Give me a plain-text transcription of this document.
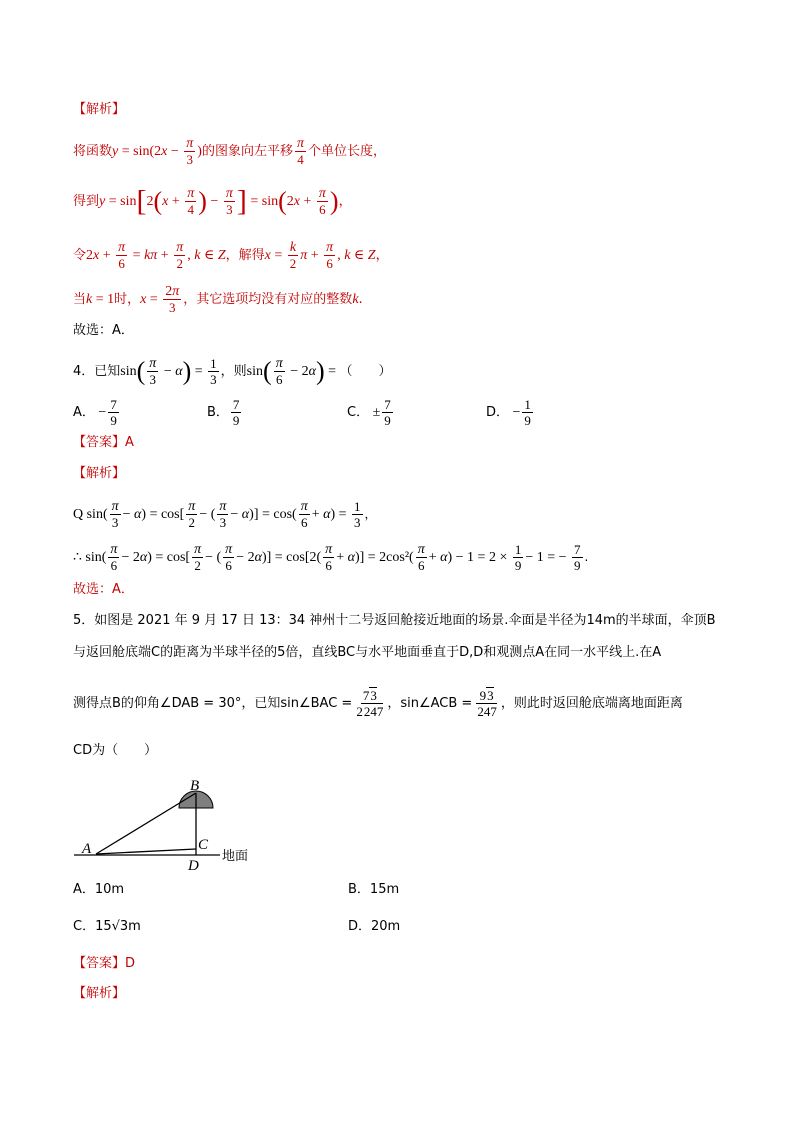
【解析】
将函数$y = \sin(2x - \frac{\pi}{3}$ )的图象向左平移 $\frac{\pi}{4}$ 个单位长度，
得到$y = \sin[2(x + \frac{\pi}{4}$ ) − $\frac{\pi}{3}$ ] = $\sin(2x + \frac{\pi}{6}$ )，
令$2x + \frac{\pi}{6} = k\pi + \frac{\pi}{2}$ , k ∈ Z，解得$x = \frac{k}{2}$ $\pi + \frac{\pi}{6}$ , k ∈ Z，
当k = 1时，$x = \frac{2\pi}{3}$ ，其它选项均没有对应的整数k.
故选：A．
4．已知$\sin( \frac{\pi}{3} - \alpha) = \frac{1}{3}$ ，则$\sin( \frac{\pi}{6} - 2\alpha)$ = （　　）
A． − $\frac{7}{9}$	B． $\frac{7}{9}$	C． ± $\frac{7}{9}$	D． − $\frac{1}{9}$
【答案】A
【解析】
Q $\sin( \frac{\pi}{3} - \alpha) = \cos[ \frac{\pi}{2}$ − ( $\frac{\pi}{3} - \alpha)] = \cos( \frac{\pi}{6} + \alpha) = \frac{1}{3}$ ，
∴ $\sin( \frac{\pi}{6} - 2\alpha) = \cos[ \frac{\pi}{2}$ − ( $\frac{\pi}{6} - 2\alpha)] = \cos[2( \frac{\pi}{6} + \alpha)] = 2\cos^2( \frac{\pi}{6} + \alpha) - 1 = 2 \times \frac{1}{9} - 1$ = − $\frac{7}{9}$ .
故选：A．
5．如图是 2021 年 9 月 17 日 13：34 神州十二号返回舱接近地面的场景.伞面是半径为14m的半球面，伞顶B
与返回舱底端C的距离为半球半径的5倍，直线BC与水平地面垂直于D,D和观测点A在同一水平线上.在A
测得点B的仰角∠DAB = 30°，已知sin∠BAC = $\frac{73}{2247}$ ，sin∠ACB = $\frac{93}{247}$ ，则此时返回舱底端离地面距离
CD为（　　）
B
A	C
D
地面
A．10m	B．15m
C．15√3m	D．20m
【答案】D
【解析】
